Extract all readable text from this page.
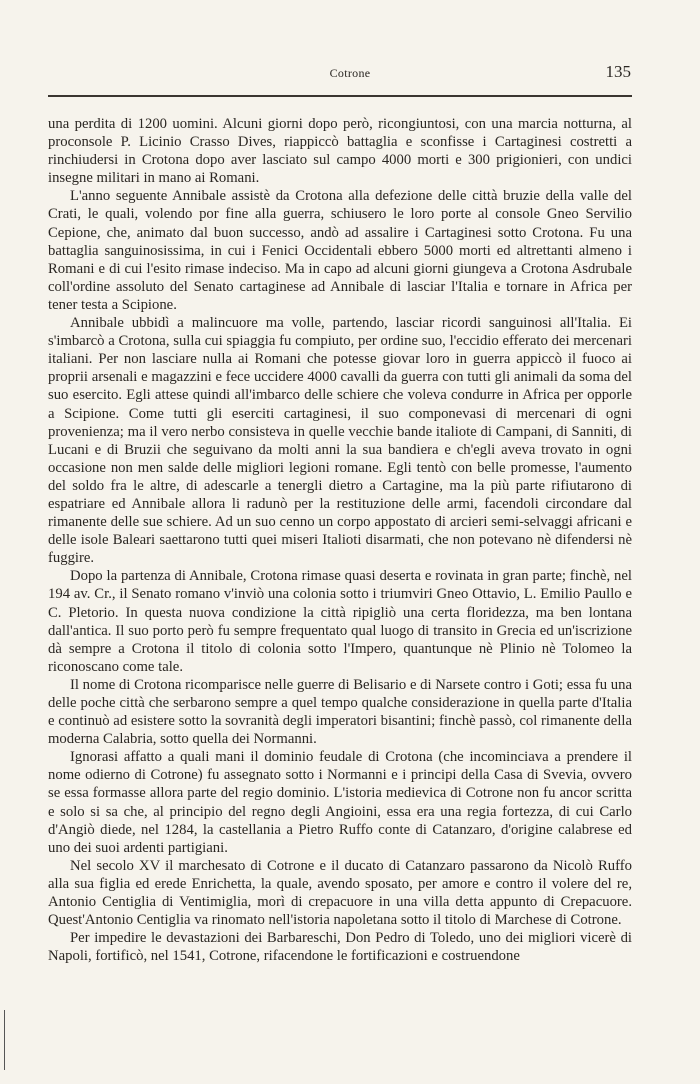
Cotrone	135

una perdita di 1200 uomini. Alcuni giorni dopo però, ricongiuntosi, con una marcia notturna, al proconsole P. Licinio Crasso Dives, riappiccò battaglia e sconfisse i Cartaginesi costretti a rinchiudersi in Crotona dopo aver lasciato sul campo 4000 morti e 300 prigionieri, con undici insegne militari in mano ai Romani.

L'anno seguente Annibale assistè da Crotona alla defezione delle città bruzie della valle del Crati, le quali, volendo por fine alla guerra, schiusero le loro porte al console Gneo Servilio Cepione, che, animato dal buon successo, andò ad assalire i Cartaginesi sotto Crotona. Fu una battaglia sanguinosissima, in cui i Fenici Occidentali ebbero 5000 morti ed altrettanti almeno i Romani e di cui l'esito rimase indeciso. Ma in capo ad alcuni giorni giungeva a Crotona Asdrubale coll'ordine assoluto del Senato cartaginese ad Annibale di lasciar l'Italia e tornare in Africa per tener testa a Scipione.

Annibale ubbidì a malincuore ma volle, partendo, lasciar ricordi sanguinosi all'Italia. Ei s'imbarcò a Crotona, sulla cui spiaggia fu compiuto, per ordine suo, l'eccidio efferato dei mercenari italiani. Per non lasciare nulla ai Romani che potesse giovar loro in guerra appiccò il fuoco ai proprii arsenali e magazzini e fece uccidere 4000 cavalli da guerra con tutti gli animali da soma del suo esercito. Egli attese quindi all'imbarco delle schiere che voleva condurre in Africa per opporle a Scipione. Come tutti gli eserciti cartaginesi, il suo componevasi di mercenari di ogni provenienza; ma il vero nerbo consisteva in quelle vecchie bande italiote di Campani, di Sanniti, di Lucani e di Bruzii che seguivano da molti anni la sua bandiera e ch'egli aveva trovato in ogni occasione non men salde delle migliori legioni romane. Egli tentò con belle promesse, l'aumento del soldo fra le altre, di adescarle a tenergli dietro a Cartagine, ma la più parte rifiutarono di espatriare ed Annibale allora li radunò per la restituzione delle armi, facendoli circondare dal rimanente delle sue schiere. Ad un suo cenno un corpo appostato di arcieri semi-selvaggi africani e delle isole Baleari saettarono tutti quei miseri Italioti disarmati, che non potevano nè difendersi nè fuggire.

Dopo la partenza di Annibale, Crotona rimase quasi deserta e rovinata in gran parte; finchè, nel 194 av. Cr., il Senato romano v'inviò una colonia sotto i triumviri Gneo Ottavio, L. Emilio Paullo e C. Pletorio. In questa nuova condizione la città ripigliò una certa floridezza, ma ben lontana dall'antica. Il suo porto però fu sempre frequentato qual luogo di transito in Grecia ed un'iscrizione dà sempre a Crotona il titolo di colonia sotto l'Impero, quantunque nè Plinio nè Tolomeo la riconoscano come tale.

Il nome di Crotona ricomparisce nelle guerre di Belisario e di Narsete contro i Goti; essa fu una delle poche città che serbarono sempre a quel tempo qualche considerazione in quella parte d'Italia e continuò ad esistere sotto la sovranità degli imperatori bisantini; finchè passò, col rimanente della moderna Calabria, sotto quella dei Normanni.

Ignorasi affatto a quali mani il dominio feudale di Crotona (che incominciava a prendere il nome odierno di Cotrone) fu assegnato sotto i Normanni e i principi della Casa di Svevia, ovvero se essa formasse allora parte del regio dominio. L'istoria medievica di Cotrone non fu ancor scritta e solo si sa che, al principio del regno degli Angioini, essa era una regia fortezza, di cui Carlo d'Angiò diede, nel 1284, la castellania a Pietro Ruffo conte di Catanzaro, d'origine calabrese ed uno dei suoi ardenti partigiani.

Nel secolo XV il marchesato di Cotrone e il ducato di Catanzaro passarono da Nicolò Ruffo alla sua figlia ed erede Enrichetta, la quale, avendo sposato, per amore e contro il volere del re, Antonio Centiglia di Ventimiglia, morì di crepacuore in una villa detta appunto di Crepacuore. Quest'Antonio Centiglia va rinomato nell'istoria napoletana sotto il titolo di Marchese di Cotrone.

Per impedire le devastazioni dei Barbareschi, Don Pedro di Toledo, uno dei migliori vicerè di Napoli, fortificò, nel 1541, Cotrone, rifacendone le fortificazioni e costruendone
